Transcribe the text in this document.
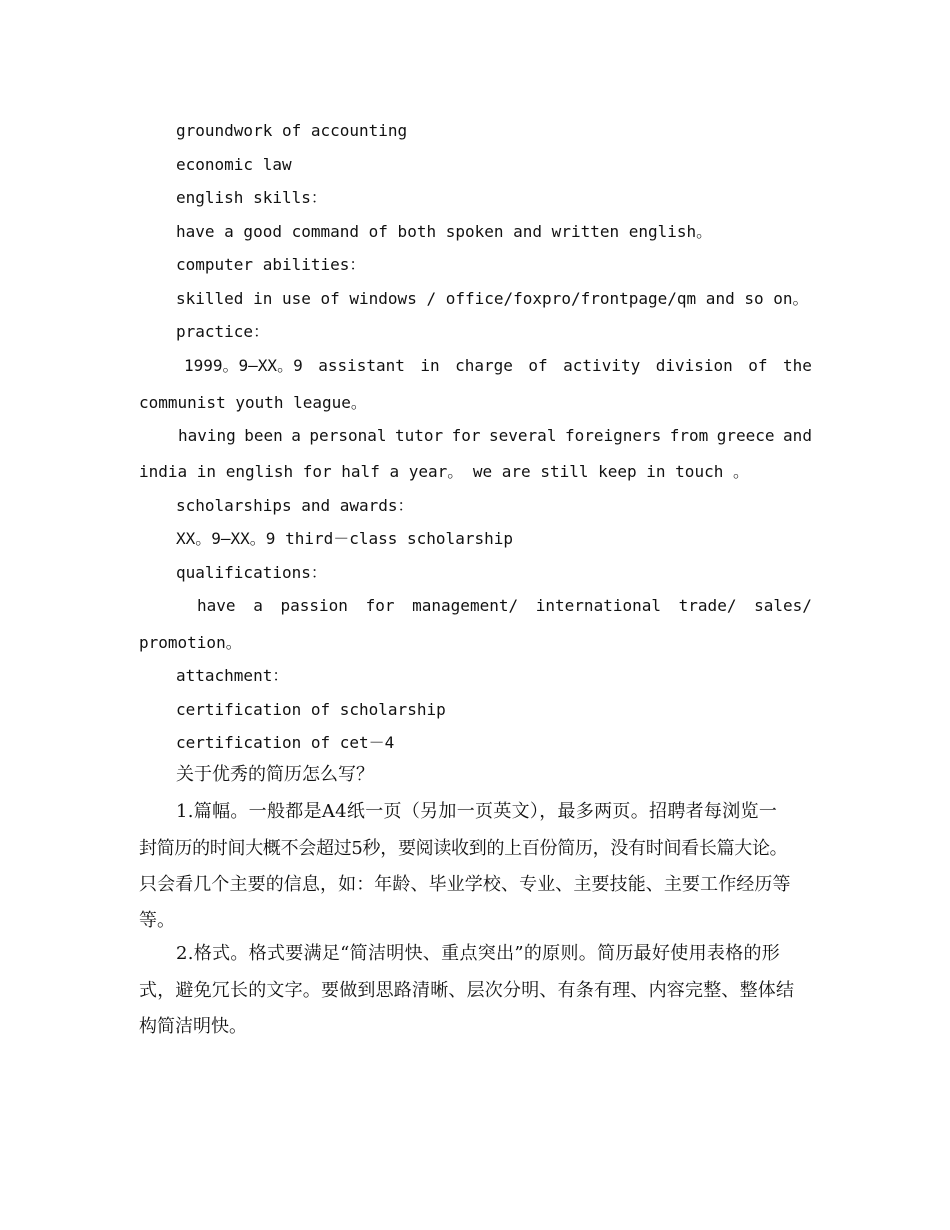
groundwork of accounting
economic law
english skills：
have a good command of both spoken and written english。
computer abilities：
skilled in use of windows / office/foxpro/frontpage/qm and so on。
practice：
1999。9—XX。9 assistant in charge of activity division of the
communist youth league。
having been a personal tutor for several foreigners from greece and
india in english for half a year。 we are still keep in touch 。
scholarships and awards：
XX。9—XX。9 third－class scholarship
qualifications：
have a passion for management/ international trade/ sales/
promotion。
attachment：
certification of scholarship
certification of cet－4
关于优秀的简历怎么写？
1.篇幅。一般都是A4纸一页（另加一页英文），最多两页。招聘者每浏览一
封简历的时间大概不会超过5秒，要阅读收到的上百份简历，没有时间看长篇大论。
只会看几个主要的信息，如：年龄、毕业学校、专业、主要技能、主要工作经历等
等。
2.格式。格式要满足“简洁明快、重点突出”的原则。简历最好使用表格的形
式，避免冗长的文字。要做到思路清晰、层次分明、有条有理、内容完整、整体结
构简洁明快。
